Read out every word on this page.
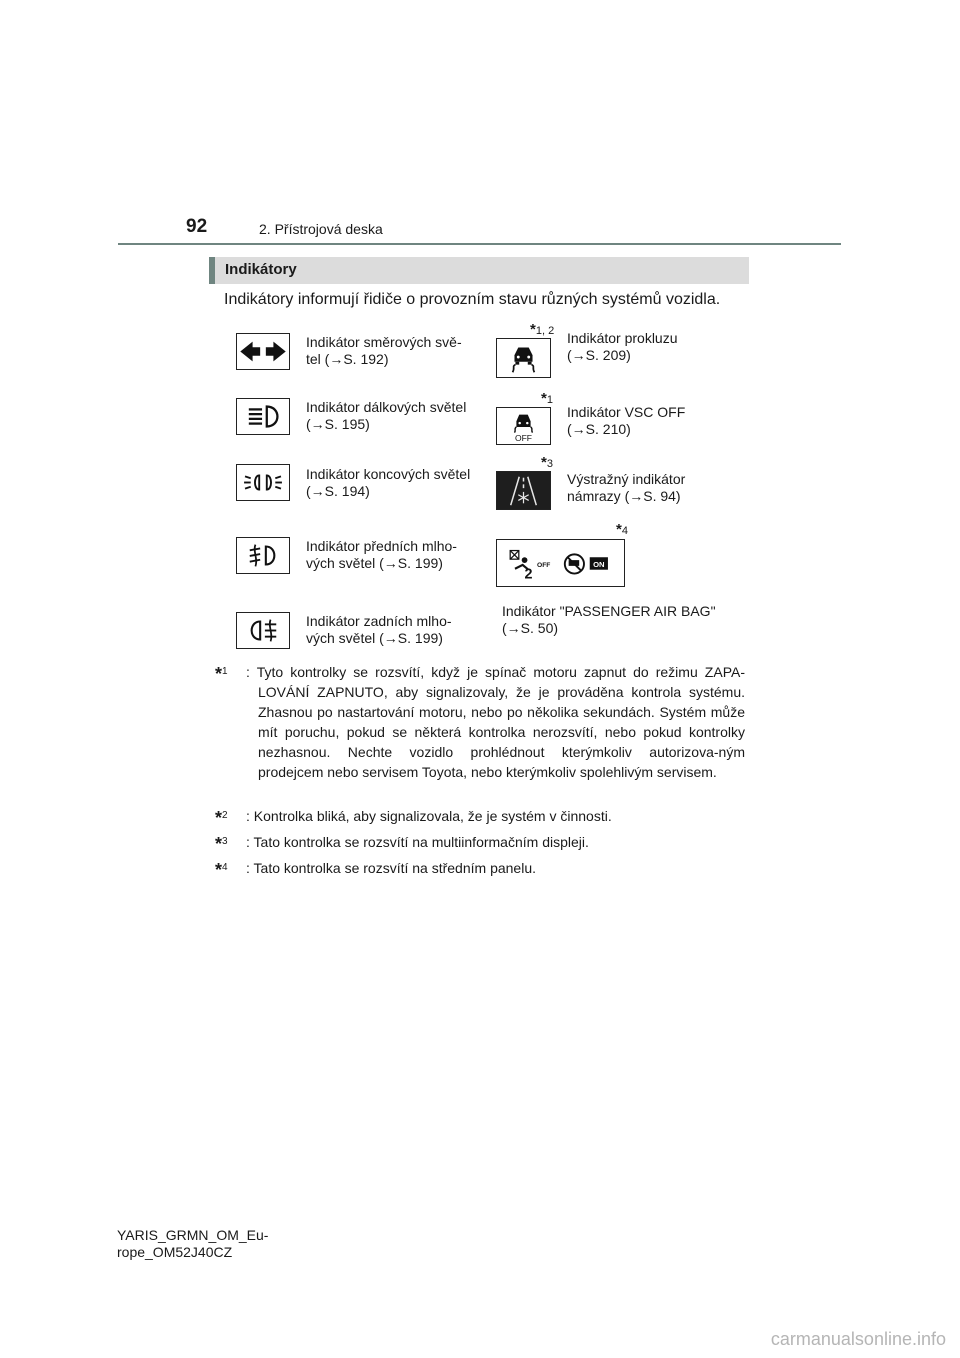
92	2. Přístrojová deska
Indikátory
Indikátory informují řidiče o provozním stavu různých systémů vozidla.
Indikátor směrových svě-
tel (→S. 192)
Indikátor dálkových světel
(→S. 195)
Indikátor koncových světel
(→S. 194)
Indikátor předních mlho-
vých světel (→S. 199)
Indikátor zadních mlho-
vých světel (→S. 199)
*1, 2 Indikátor prokluzu
(→S. 209)
*1
OFF
Indikátor VSC OFF
(→S. 210)
*3
Výstražný indikátor
námrazy (→S. 94)
*4
2
OFF	ON
Indikátor "PASSENGER AIR BAG"
(→S. 50)
*$^1$ : Tyto kontrolky se rozsvítí, když je spínač motoru zapnut do režimu ZAPA-LOVÁNÍ ZAPNUTO, aby signalizovaly, že je prováděna kontrola systému. Zhasnou po nastartování motoru, nebo po několika sekundách. Systém může mít poruchu, pokud se některá kontrolka nerozsvítí, nebo pokud kontrolky nezhasnou. Nechte vozidlo prohlédnout kterýmkoliv autorizova-ným prodejcem nebo servisem Toyota, nebo kterýmkoliv spolehlivým servisem.
*$^2$ : Kontrolka bliká, aby signalizovala, že je systém v činnosti.
*$^3$ : Tato kontrolka se rozsvítí na multiinformačním displeji.
*$^4$ : Tato kontrolka se rozsvítí na středním panelu.
YARIS_GRMN_OM_Eu-
rope_OM52J40CZ
carmanualsonline.info
